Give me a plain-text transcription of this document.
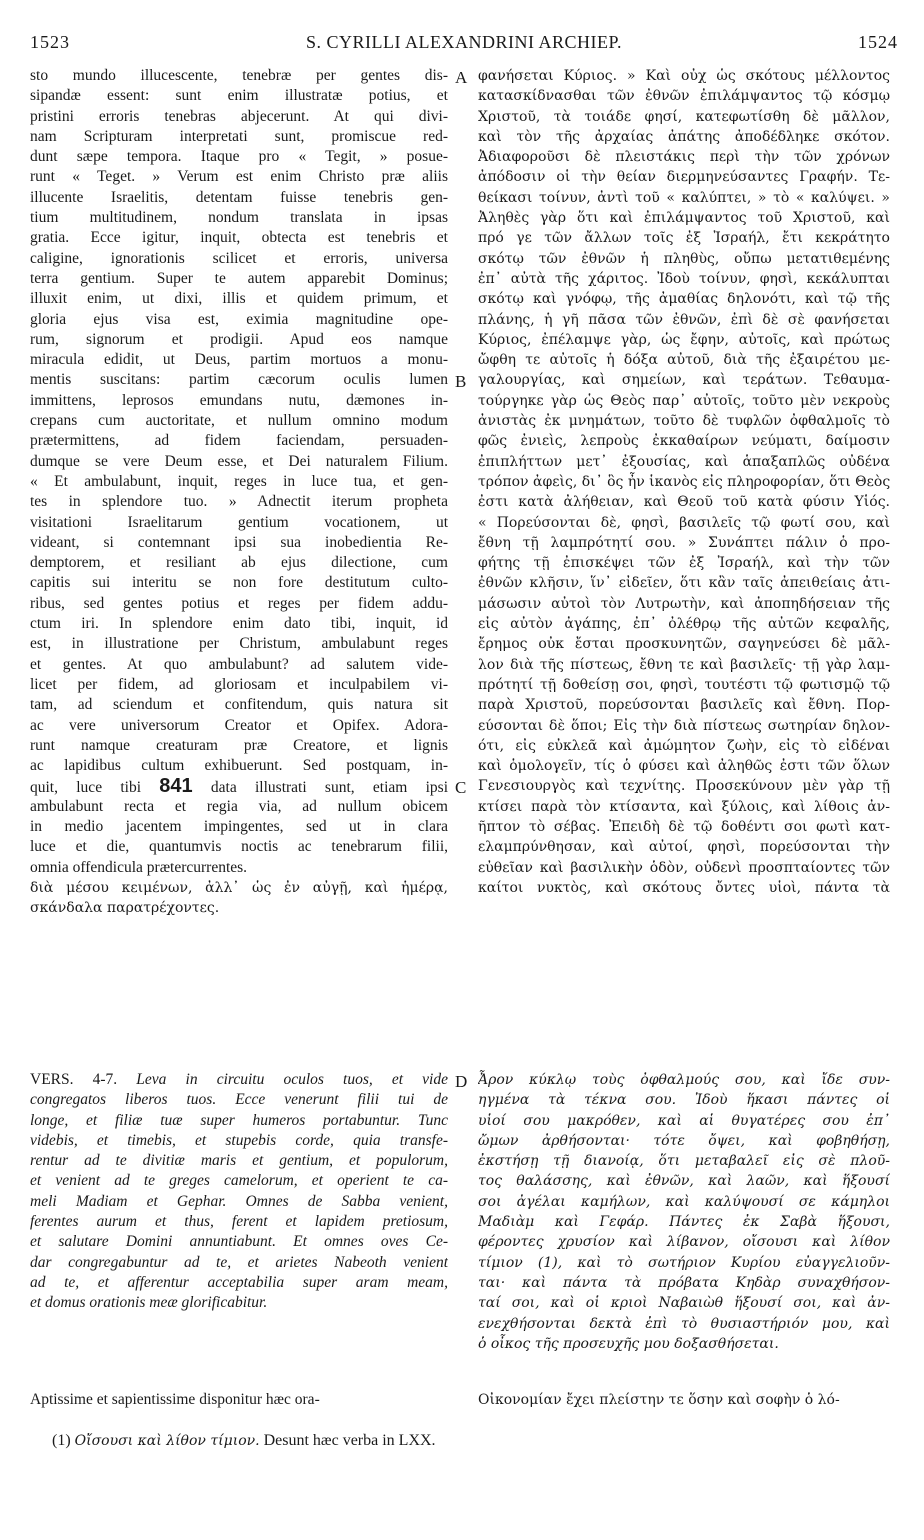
1523	S. CYRILLI ALEXANDRINI ARCHIEP.	1524
A
B
C
D
sto mundo illucescente, tenebræ per gentes dis-
sipandæ essent: sunt enim illustratæ potius, et
pristini erroris tenebras abjecerunt. At qui divi-
nam Scripturam interpretati sunt, promiscue red-
dunt sæpe tempora. Itaque pro « Tegit, » posue-
runt « Teget. » Verum est enim Christo præ aliis
illucente Israelitis, detentam fuisse tenebris gen-
tium multitudinem, nondum translata in ipsas
gratia. Ecce igitur, inquit, obtecta est tenebris et
caligine, ignorationis scilicet et erroris, universa
terra gentium. Super te autem apparebit Dominus;
illuxit enim, ut dixi, illis et quidem primum, et
gloria ejus visa est, eximia magnitudine ope-
rum, signorum et prodigii. Apud eos namque
miracula edidit, ut Deus, partim mortuos a monu-
mentis suscitans: partim cæcorum oculis lumen
immittens, leprosos emundans nutu, dæmones in-
crepans cum auctoritate, et nullum omnino modum
prætermittens, ad fidem faciendam, persuaden-
dumque se vere Deum esse, et Dei naturalem Filium.
« Et ambulabunt, inquit, reges in luce tua, et gen-
tes in splendore tuo. » Adnectit iterum propheta
visitationi Israelitarum gentium vocationem, ut
videant, si contemnant ipsi sua inobedientia Re-
demptorem, et resiliant ab ejus dilectione, cum
capitis sui interitu se non fore destitutum culto-
ribus, sed gentes potius et reges per fidem addu-
ctum iri. In splendore enim dato tibi, inquit, id
est, in illustratione per Christum, ambulabunt reges
et gentes. At quo ambulabunt? ad salutem vide-
licet per fidem, ad gloriosam et inculpabilem vi-
tam, ad sciendum et confitendum, quis natura sit
ac vere universorum Creator et Opifex. Adora-
runt namque creaturam præ Creatore, et lignis
ac lapidibus cultum exhibuerunt. Sed postquam, in-
quit, luce tibi 841 data illustrati sunt, etiam ipsi
ambulabunt recta et regia via, ad nullum obicem
in medio jacentem impingentes, sed ut in clara
luce et die, quantumvis noctis ac tenebrarum filii,
omnia offendicula prætercurrentes.
διὰ μέσου κειμένων, ἀλλ᾽ ὡς ἐν αὐγῇ, καὶ ἡμέρᾳ,
σκάνδαλα παρατρέχοντες.
φανήσεται Κύριος. » Καὶ οὐχ ὡς σκότους μέλλοντος
κατασκίδνασθαι τῶν ἐθνῶν ἐπιλάμψαντος τῷ κόσμῳ
Χριστοῦ, τὰ τοιάδε φησί, κατεφωτίσθη δὲ μᾶλλον,
καὶ τὸν τῆς ἀρχαίας ἀπάτης ἀποδέδληκε σκότον.
Ἀδιαφοροῦσι δὲ πλειστάκις περὶ τὴν τῶν χρόνων
ἀπόδοσιν οἱ τὴν θείαν διερμηνεύσαντες Γραφήν. Τε-
θείκασι τοίνυν, ἀντὶ τοῦ « καλύπτει, » τὸ « καλύψει. »
Ἀληθὲς γὰρ ὅτι καὶ ἐπιλάμψαντος τοῦ Χριστοῦ, καὶ
πρό γε τῶν ἄλλων τοῖς ἐξ Ἰσραήλ, ἔτι κεκράτητο
σκότῳ τῶν ἐθνῶν ἡ πληθὺς, οὔπω μετατιθεμένης
ἐπ᾽ αὐτὰ τῆς χάριτος. Ἰδοὺ τοίνυν, φησὶ, κεκάλυπται
σκότῳ καὶ γνόφῳ, τῆς ἀμαθίας δηλονότι, καὶ τῷ τῆς
πλάνης, ἡ γῆ πᾶσα τῶν ἐθνῶν, ἐπὶ δὲ σὲ φανήσεται
Κύριος, ἐπέλαμψε γὰρ, ὡς ἔφην, αὐτοῖς, καὶ πρώτως
ὤφθη τε αὐτοῖς ἡ δόξα αὐτοῦ, διὰ τῆς ἐξαιρέτου με-
γαλουργίας, καὶ σημείων, καὶ τεράτων. Τεθαυμα-
τούργηκε γὰρ ὡς Θεὸς παρ᾽ αὐτοῖς, τοῦτο μὲν νεκροὺς
ἀνιστὰς ἐκ μνημάτων, τοῦτο δὲ τυφλῶν ὀφθαλμοῖς τὸ
φῶς ἐνιεὶς, λεπροὺς ἐκκαθαίρων νεύματι, δαίμοσιν
ἐπιπλήττων μετ᾽ ἐξουσίας, καὶ ἁπαξαπλῶς οὐδένα
τρόπον ἀφεὶς, δι᾽ ὃς ἦν ἱκανὸς εἰς πληροφορίαν, ὅτι Θεὸς
ἐστι κατὰ ἀλήθειαν, καὶ Θεοῦ τοῦ κατὰ φύσιν Υἱός.
« Πορεύσονται δὲ, φησὶ, βασιλεῖς τῷ φωτί σου, καὶ
ἔθνη τῇ λαμπρότητί σου. » Συνάπτει πάλιν ὁ προ-
φήτης τῇ ἐπισκέψει τῶν ἐξ Ἰσραήλ, καὶ τὴν τῶν
ἐθνῶν κλῆσιν, ἵν᾽ εἰδεῖεν, ὅτι κἂν ταῖς ἀπειθείαις ἀτι-
μάσωσιν αὐτοὶ τὸν Λυτρωτὴν, καὶ ἀποπηδήσειαν τῆς
εἰς αὐτὸν ἀγάπης, ἐπ᾽ ὀλέθρῳ τῆς αὐτῶν κεφαλῆς,
ἔρημος οὐκ ἔσται προσκυνητῶν, σαγηνεύσει δὲ μᾶλ-
λον διὰ τῆς πίστεως, ἔθνη τε καὶ βασιλεῖς· τῇ γὰρ λαμ-
πρότητί τῇ δοθείσῃ σοι, φησὶ, τουτέστι τῷ φωτισμῷ τῷ
παρὰ Χριστοῦ, πορεύσονται βασιλεῖς καὶ ἔθνη. Πορ-
εύσονται δὲ ὅποι; Εἰς τὴν διὰ πίστεως σωτηρίαν δηλον-
ότι, εἰς εὐκλεᾶ καὶ ἀμώμητον ζωὴν, εἰς τὸ εἰδέναι
καὶ ὁμολογεῖν, τίς ὁ φύσει καὶ ἀληθῶς ἐστι τῶν ὅλων
Γενεσιουργὸς καὶ τεχνίτης. Προσεκύνουν μὲν γὰρ τῇ
κτίσει παρὰ τὸν κτίσαντα, καὶ ξύλοις, καὶ λίθοις ἀν-
ῆπτον τὸ σέβας. Ἐπειδὴ δὲ τῷ δοθέντι σοι φωτὶ κατ-
ελαμπρύνθησαν, καὶ αὐτοί, φησὶ, πορεύσονται τὴν
εὐθεῖαν καὶ βασιλικὴν ὁδὸν, οὐδενὶ προσπταίοντες τῶν
καίτοι νυκτὸς, καὶ σκότους ὄντες υἱοὶ, πάντα τὰ
VERS. 4-7. Leva in circuitu oculos tuos, et vide
congregatos liberos tuos. Ecce venerunt filii tui de
longe, et filiæ tuæ super humeros portabuntur. Tunc
videbis, et timebis, et stupebis corde, quia transfe-
rentur ad te divitiæ maris et gentium, et populorum,
et venient ad te greges camelorum, et operient te ca-
meli Madiam et Gephar. Omnes de Sabba venient,
ferentes aurum et thus, ferent et lapidem pretiosum,
et salutare Domini annuntiabunt. Et omnes oves Ce-
dar congregabuntur ad te, et arietes Nabeoth venient
ad te, et afferentur acceptabilia super aram meam,
et domus orationis meæ glorificabitur.
Ἆρον κύκλῳ τοὺς ὀφθαλμούς σου, καὶ ἴδε συν-
ηγμένα τὰ τέκνα σου. Ἰδοὺ ἥκασι πάντες οἱ
υἱοί σου μακρόθεν, καὶ αἱ θυγατέρες σου ἐπ᾽
ὤμων ἀρθήσονται· τότε ὄψει, καὶ φοβηθήσῃ,
ἐκστήσῃ τῇ διανοίᾳ, ὅτι μεταβαλεῖ εἰς σὲ πλοῦ-
τος θαλάσσης, καὶ ἐθνῶν, καὶ λαῶν, καὶ ἥξουσί
σοι ἀγέλαι καμήλων, καὶ καλύψουσί σε κάμηλοι
Μαδιὰμ καὶ Γεφάρ. Πάντες ἐκ Σαβὰ ἥξουσι,
φέροντες χρυσίον καὶ λίβανον, οἴσουσι καὶ λίθον
τίμιον (1), καὶ τὸ σωτήριον Κυρίου εὐαγγελιοῦν-
ται· καὶ πάντα τὰ πρόβατα Κηδὰρ συναχθήσον-
ταί σοι, καὶ οἱ κριοὶ Ναβαιὼθ ἥξουσί σοι, καὶ ἀν-
ενεχθήσονται δεκτὰ ἐπὶ τὸ θυσιαστήριόν μου, καὶ
ὁ οἶκος τῆς προσευχῆς μου δοξασθήσεται.
Aptissime et sapientissime disponitur hæc ora-	Οἰκονομίαν ἔχει πλείστην τε ὅσην καὶ σοφὴν ὁ λό-
(1) Οἴσουσι καὶ λίθον τίμιον. Desunt hæc verba in LXX.
